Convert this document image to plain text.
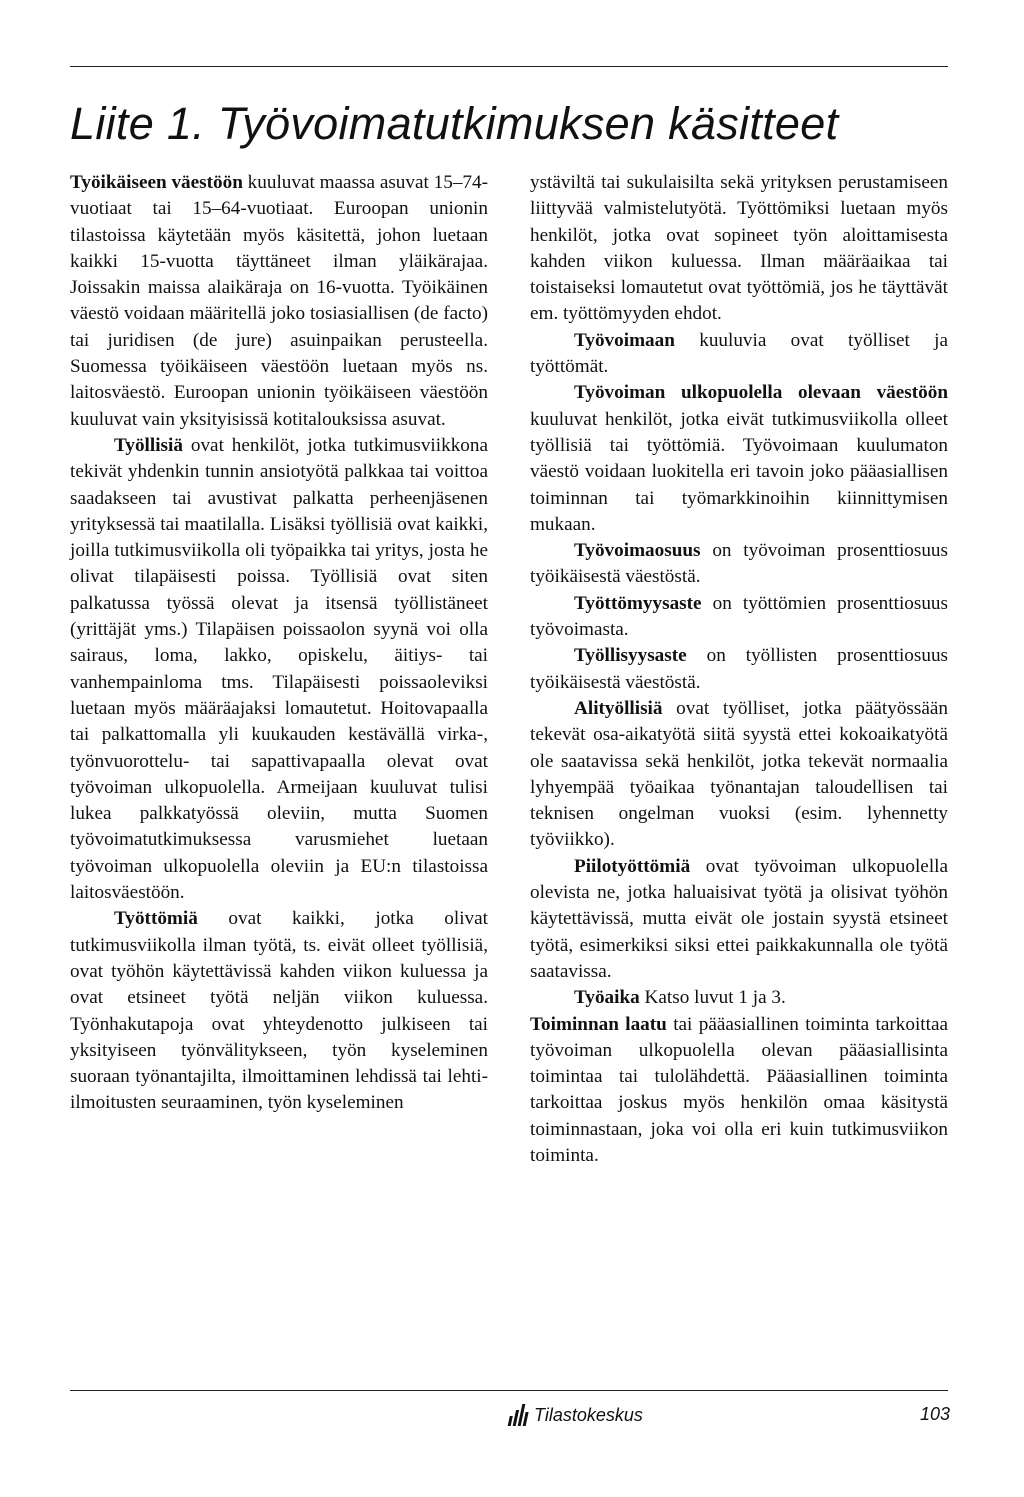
Liite 1. Työvoimatutkimuksen käsitteet

Työikäiseen väestöön kuuluvat maassa asuvat 15–74-vuotiaat tai 15–64-vuotiaat. Euroopan unionin tilastoissa käytetään myös käsitettä, johon luetaan kaikki 15-vuotta täyttäneet ilman yläikärajaa. Joissakin maissa alaikäraja on 16-vuotta. Työikäinen väestö voidaan määritellä joko tosiasiallisen (de facto) tai juridisen (de jure) asuinpaikan perusteella. Suomessa työikäiseen väestöön luetaan myös ns. laitosväestö. Euroopan unionin työikäiseen väestöön kuuluvat vain yksityisissä kotitalouksissa asuvat.

Työllisiä ovat henkilöt, jotka tutkimusviikkona tekivät yhdenkin tunnin ansiotyötä palkkaa tai voittoa saadakseen tai avustivat palkatta perheenjäsenen yrityksessä tai maatilalla. Lisäksi työllisiä ovat kaikki, joilla tutkimusviikolla oli työpaikka tai yritys, josta he olivat tilapäisesti poissa. Työllisiä ovat siten palkatussa työssä olevat ja itsensä työllistäneet (yrittäjät yms.) Tilapäisen poissaolon syynä voi olla sairaus, loma, lakko, opiskelu, äitiys- tai vanhempainloma tms. Tilapäisesti poissaoleviksi luetaan myös määräajaksi lomautetut. Hoitovapaalla tai palkattomalla yli kuukauden kestävällä virka-, työnvuorottelu- tai sapattivapaalla olevat ovat työvoiman ulkopuolella. Armeijaan kuuluvat tulisi lukea palkkatyössä oleviin, mutta Suomen työvoimatutkimuksessa varusmiehet luetaan työvoiman ulkopuolella oleviin ja EU:n tilastoissa laitosväestöön.

Työttömiä ovat kaikki, jotka olivat tutkimusviikolla ilman työtä, ts. eivät olleet työllisiä, ovat työhön käytettävissä kahden viikon kuluessa ja ovat etsineet työtä neljän viikon kuluessa. Työnhakutapoja ovat yhteydenotto julkiseen tai yksityiseen työnvälitykseen, työn kyseleminen suoraan työnantajilta, ilmoittaminen lehdissä tai lehti-ilmoitusten seuraaminen, työn kyseleminen

ystäviltä tai sukulaisilta sekä yrityksen perustamiseen liittyvää valmistelutyötä. Työttömiksi luetaan myös henkilöt, jotka ovat sopineet työn aloittamisesta kahden viikon kuluessa. Ilman määräaikaa tai toistaiseksi lomautetut ovat työttömiä, jos he täyttävät em. työttömyyden ehdot.

Työvoimaan kuuluvia ovat työlliset ja työttömät.

Työvoiman ulkopuolella olevaan väestöön kuuluvat henkilöt, jotka eivät tutkimusviikolla olleet työllisiä tai työttömiä. Työvoimaan kuulumaton väestö voidaan luokitella eri tavoin joko pääasiallisen toiminnan tai työmarkkinoihin kiinnittymisen mukaan.

Työvoimaosuus on työvoiman prosenttiosuus työikäisestä väestöstä.

Työttömyysaste on työttömien prosenttiosuus työvoimasta.

Työllisyysaste on työllisten prosenttiosuus työikäisestä väestöstä.

Alityöllisiä ovat työlliset, jotka päätyössään tekevät osa-aikatyötä siitä syystä ettei kokoaikatyötä ole saatavissa sekä henkilöt, jotka tekevät normaalia lyhyempää työaikaa työnantajan taloudellisen tai teknisen ongelman vuoksi (esim. lyhennetty työviikko).

Piilotyöttömiä ovat työvoiman ulkopuolella olevista ne, jotka haluaisivat työtä ja olisivat työhön käytettävissä, mutta eivät ole jostain syystä etsineet työtä, esimerkiksi siksi ettei paikkakunnalla ole työtä saatavissa.

Työaika Katso luvut 1 ja 3.

Toiminnan laatu tai pääasiallinen toiminta tarkoittaa työvoiman ulkopuolella olevan pääasiallisinta toimintaa tai tulolähdettä. Pääasiallinen toiminta tarkoittaa joskus myös henkilön omaa käsitystä toiminnastaan, joka voi olla eri kuin tutkimusviikon toiminta.

Tilastokeskus	103
